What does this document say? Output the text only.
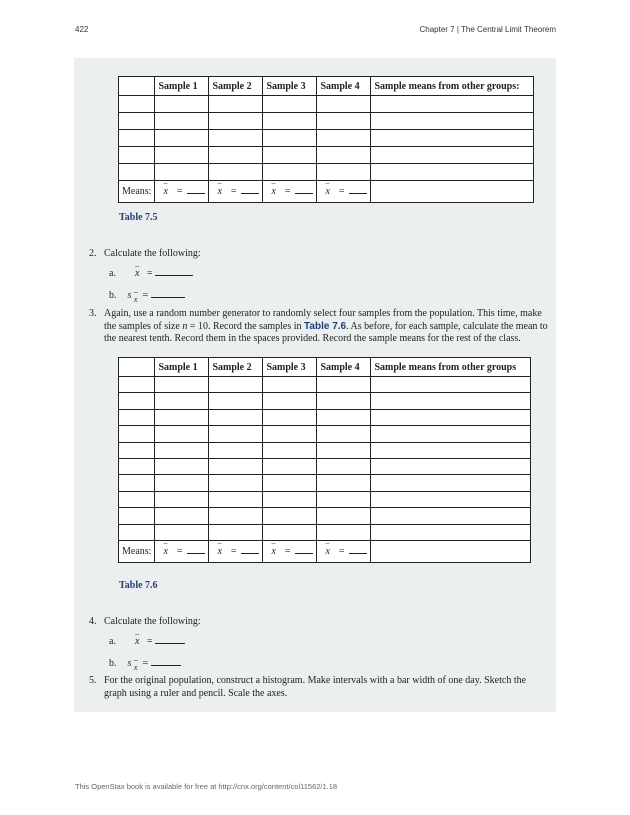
422	Chapter 7 | The Central Limit Theorem
	Sample 1	Sample 2	Sample 3	Sample 4	Sample means from other groups:

Means:	– x =	– x =	– x =	– x =	
Table 7.5
2. Calculate the following:
a. – x =
b. s – x =
3. Again, use a random number generator to randomly select four samples from the population. This time, make the samples of size n = 10. Record the samples in Table 7.6. As before, for each sample, calculate the mean to the nearest tenth. Record them in the spaces provided. Record the sample means for the rest of the class.
	Sample 1	Sample 2	Sample 3	Sample 4	Sample means from other groups

Means:	– x =	– x =	– x =	– x =	
Table 7.6
4. Calculate the following:
a. – x =
b. s – x =
5. For the original population, construct a histogram. Make intervals with a bar width of one day. Sketch the graph using a ruler and pencil. Scale the axes.
This OpenStax book is available for free at http://cnx.org/content/col11562/1.18
